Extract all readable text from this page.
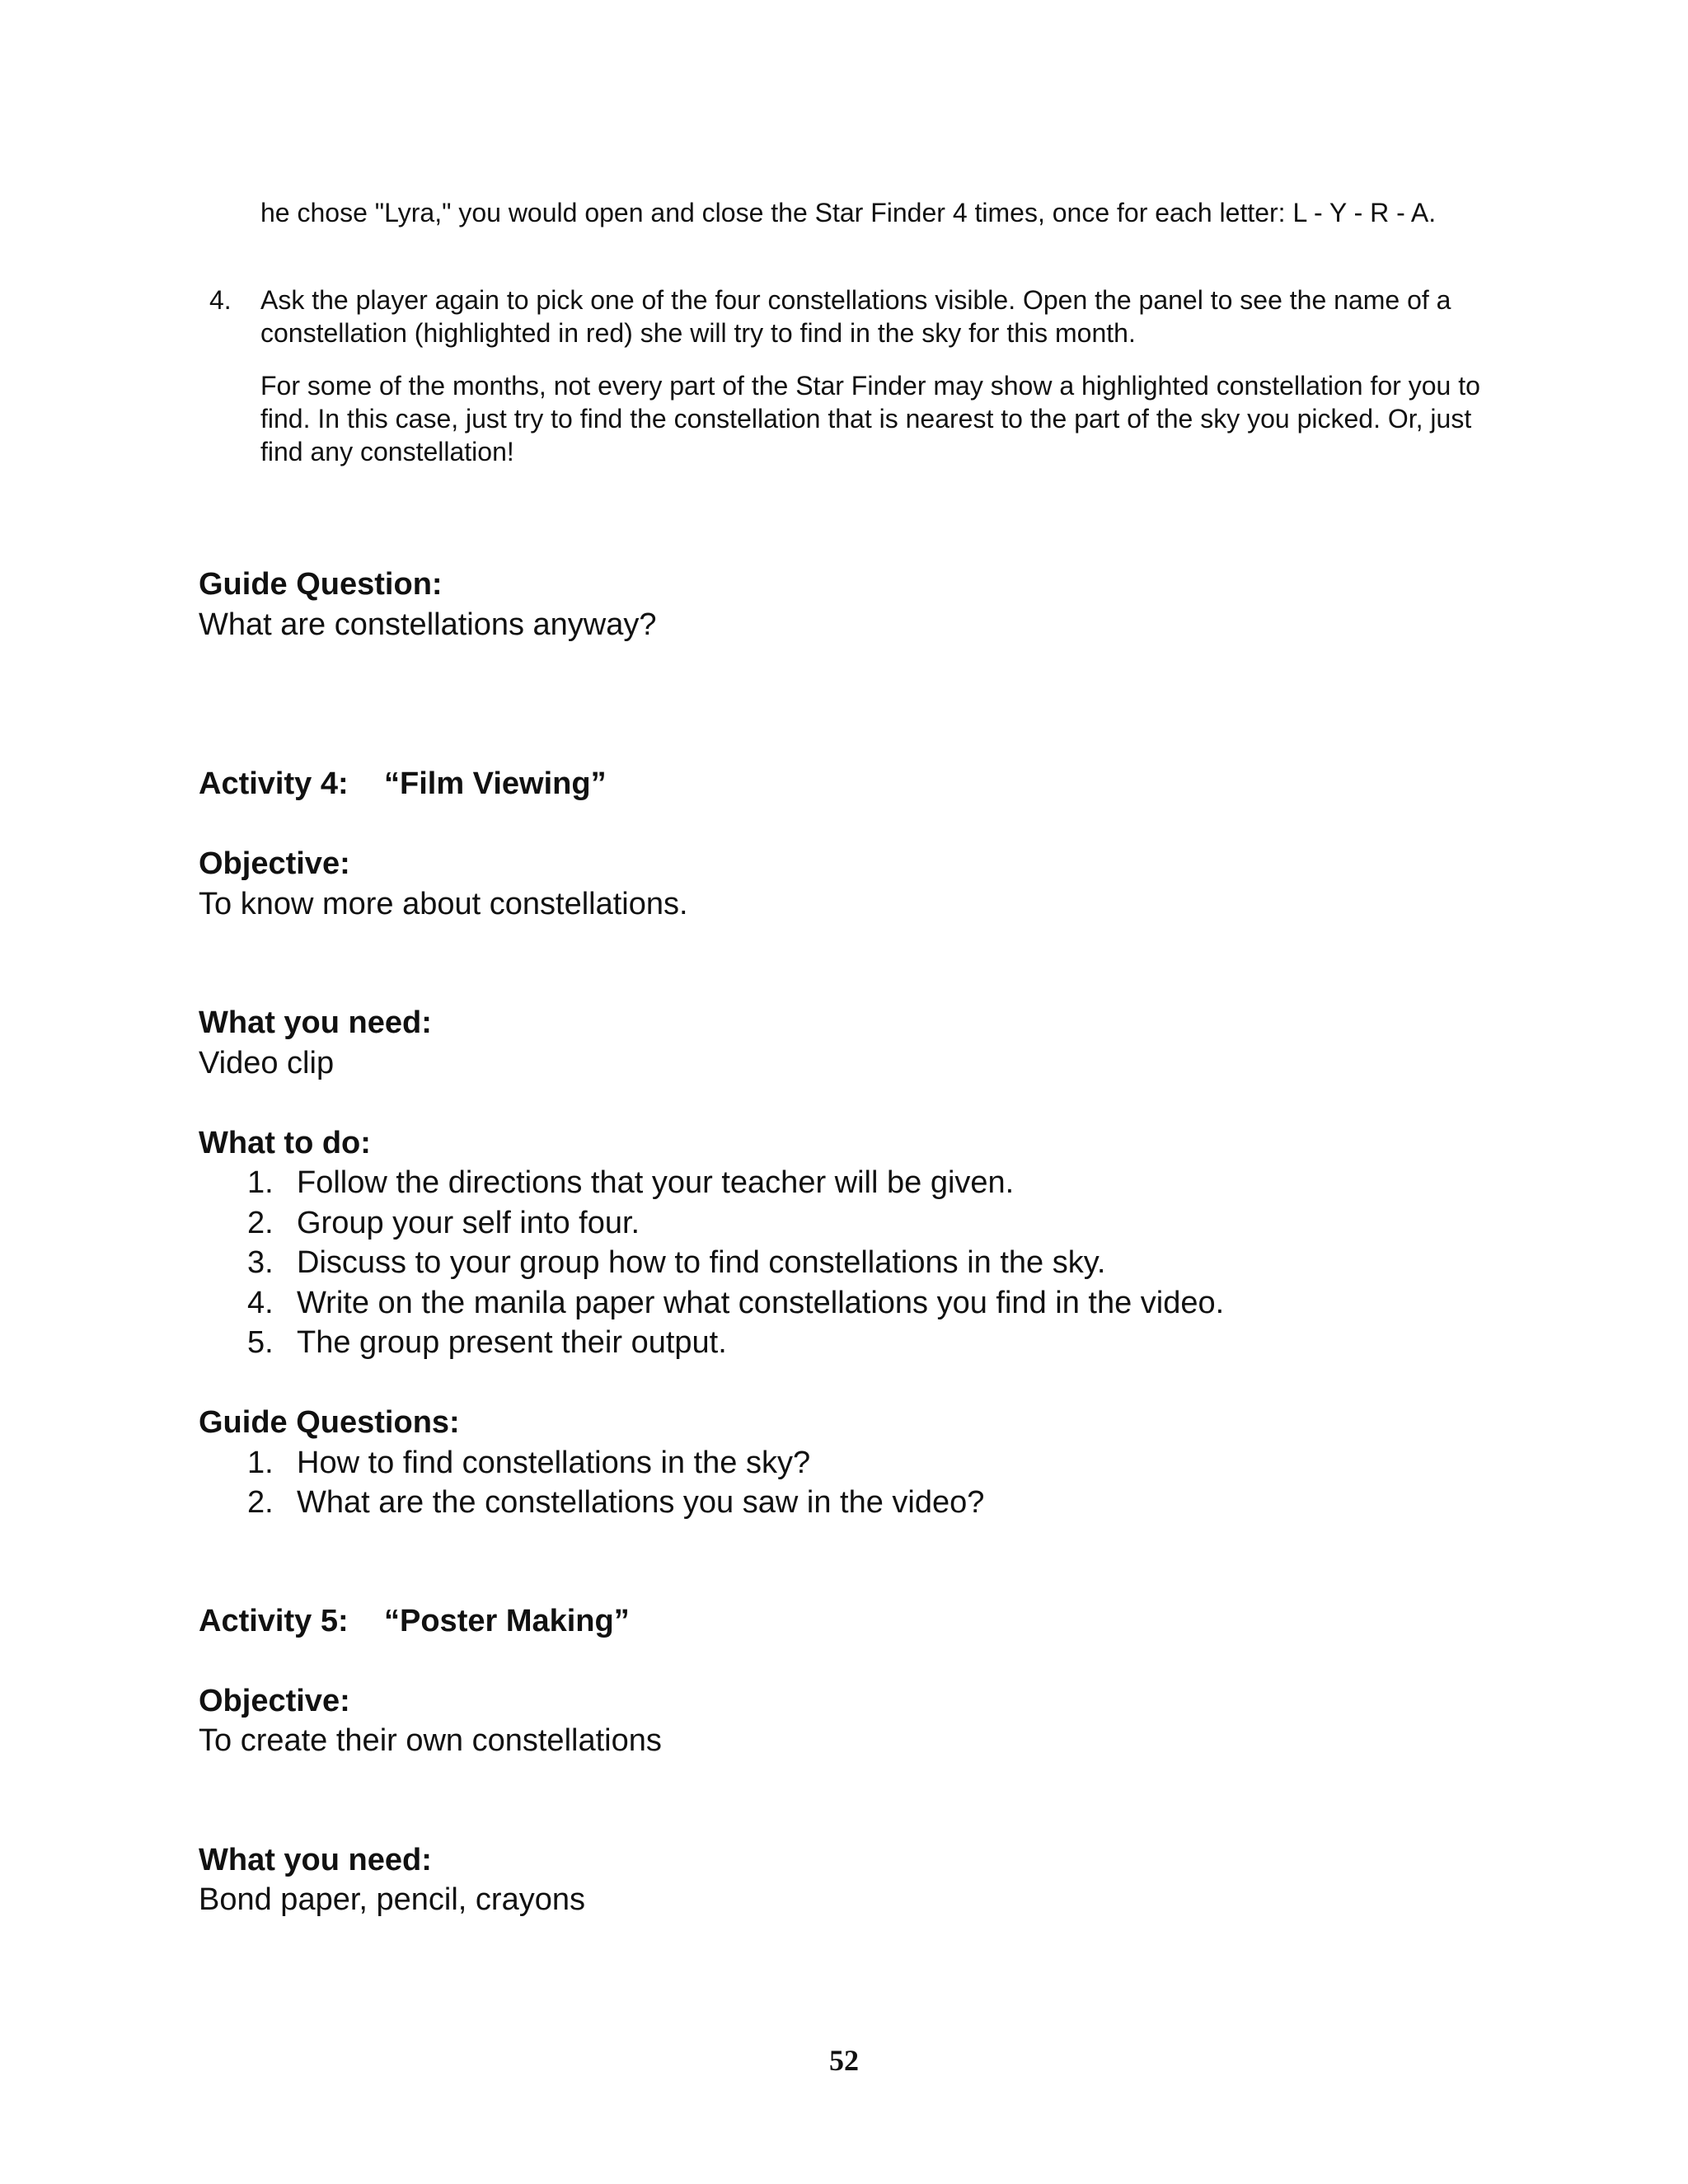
he chose "Lyra," you would open and close the Star Finder 4 times, once for each letter: L - Y - R - A.

4. Ask the player again to pick one of the four constellations visible. Open the panel to see the name of a constellation (highlighted in red) she will try to find in the sky for this month.

For some of the months, not every part of the Star Finder may show a highlighted constellation for you to find. In this case, just try to find the constellation that is nearest to the part of the sky you picked. Or, just find any constellation!

Guide Question:
What are constellations anyway?
Activity 4: “Film Viewing”
Objective:
To know more about constellations.
What you need:
Video clip
What to do:
1. Follow the directions that your teacher will be given.
2. Group your self into four.
3. Discuss to your group how to find constellations in the sky.
4. Write on the manila paper what constellations you find in the video.
5. The group present their output.
Guide Questions:
1. How to find constellations in the sky?
2. What are the constellations you saw in the video?
Activity 5: “Poster Making”
Objective:
To create their own constellations
What you need:
Bond paper, pencil, crayons
52
